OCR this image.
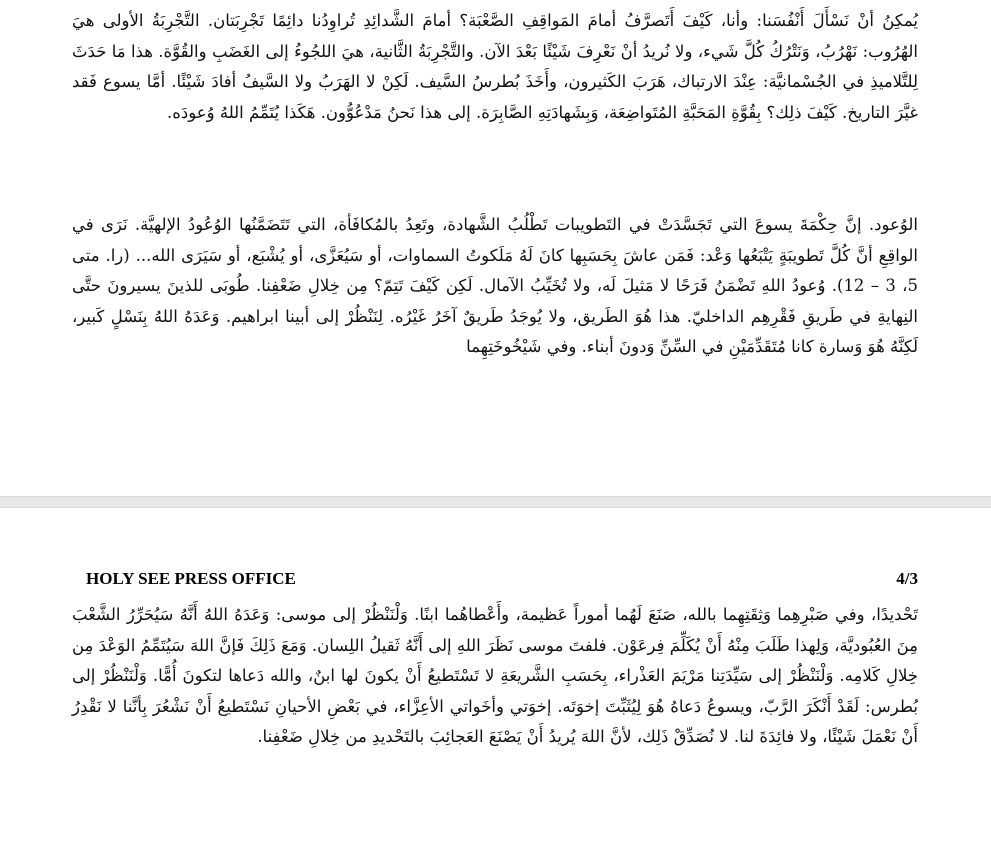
يُمكِنُ أنْ نَسْأَلَ أَنْفُسَنا: وأنا، كَيْفَ أَتَصرَّفُ أمامَ المَواقِفِ الصَّعْبَة؟ أمامَ الشَّدائِدِ تُراوِدُنا دائِمًا تَجْرِبَتان. التَّجْرِبَةُ الأولى هيَ الهُرُوب: نَهْرُبُ، وَنَتْرُكُ كُلَّ شَيء، ولا نُريدُ أنْ نَعْرِفَ شَيْئًا بَعْدَ الآن. والتَّجْرِبَةُ الثَّانية، هيَ اللجُوءُ إلى الغَضَبِ والقُوَّة. هذا مَا حَدَثَ لِلتَّلاميذِ في الجُسْمانيَّة: عِنْدَ الارتباك، هَرَبَ الكَثيرون، وأَخَذَ بُطرسُ السَّيف. لَكِنْ لا الهَرَبُ ولا السَّيفُ أفادَ شَيْئًا. أمَّا يسوع فَقد غيَّرَ التاريخ. كَيْفَ ذلِك؟ بِقُوَّةِ المَحَبَّةِ المُتَواضِعَة، وَبِشَهادَتِهِ الصَّابِرَة. إلى هذا نَحنُ مَدْعُوُّون. هَكَذا يُتَمِّمُ اللهُ وُعودَه.

الوُعود. إنَّ حِكْمَةَ يسوعَ التي تَجَسَّدَتْ في التَطويبات تَطْلُبُ الشَّهادة، وتَعِدُ بالمُكافَأة، التي تَتَضَمَّنُها الوُعُودُ الإلهيَّة. نَرَى في الواقِعِ أنَّ كُلَّ تَطويبَةٍ يَتْبَعُها وَعْد: فَمَن عاشَ بِحَسَبِها كانَ لَهُ مَلَكوتُ السماوات، أو سَيُعَزَّى، أو يُشْبَع، أو سَيَرَى الله... (را. متى 5، 3 – 12). وُعودُ اللهِ تَضْمَنُ فَرَحًا لا مَثيلَ لَه، ولا تُخَيِّبُ الآمال. لَكِن كَيْفَ تَتِمّ؟ مِن خِلالِ ضَعْفِنا. طُوبَى للذينَ يسيرونَ حتَّى النِهايةِ في طَريقِ فَقْرِهِم الداخليّ. هذا هُوَ الطَريق، ولا يُوجَدُ طَريقٌ آخَرُ غَيْرُه. لِنَنْظُرْ إلى أبينا ابراهيم. وَعَدَهُ اللهُ بِنَسْلٍ كَبير، لَكِنَّهُ هُوَ وَسارة كانا مُتَقَدِّمَيْنِ في السِّنِّ وَدونَ أبناء. وفي شَيْخُوخَتِهِما

HOLY SEE PRESS OFFICE	4/3

تَحْديدًا، وفي صَبْرِهِما وَثِقَتِهِما بالله، صَنَعَ لَهُما أموراً عَظيمة، وأَعْطاهُما ابنًا. وَلْنَنْظُرْ إلى موسى: وَعَدَهُ اللهُ أَنَّهُ سَيُحَرِّرُ الشَّعْبَ مِنَ العُبُوديَّة، وَلِهذا طَلَبَ مِنْهُ أَنْ يُكَلِّمَ فِرعَوْن. فلفتَ موسى نَظَرَ اللهِ إلى أَنَّهُ ثَقيلُ اللِسان. وَمَعَ ذَلِكَ فَإنَّ اللهَ سَيُتَمِّمُ الوَعْدَ مِن خِلالِ كَلامِه. وَلْنَنْظُرْ إلى سَيِّدَتِنا مَرْيَمَ العَذْراء، بِحَسَبِ الشَّريعَةِ لا تَسْتَطيعُ أَنْ يكونَ لها ابنٌ، والله دَعاها لتكونَ أُمًّا. وَلْنَنْظُرْ إلى بُطرس: لَقَدْ أَنْكَرَ الرَّبّ، ويسوعُ دَعاهُ هُوَ لِيُثَبِّتَ إخوَتَه. إخوَتي وأخَواتي الأعِزَّاء، في بَعْضِ الأحيانِ نَسْتَطيعُ أَنْ نَشْعُرَ بِأنَّنا لا نَقْدِرُ أَنْ نَعْمَلَ شَيْئًا، ولا فائِدَةَ لنا. لا نُصَدِّقْ ذَلِك، لأنَّ اللهَ يُريدُ أَنْ يَصْنَعَ العَجائِبَ بالتَحْديدِ من خِلالِ ضَعْفِنا.
